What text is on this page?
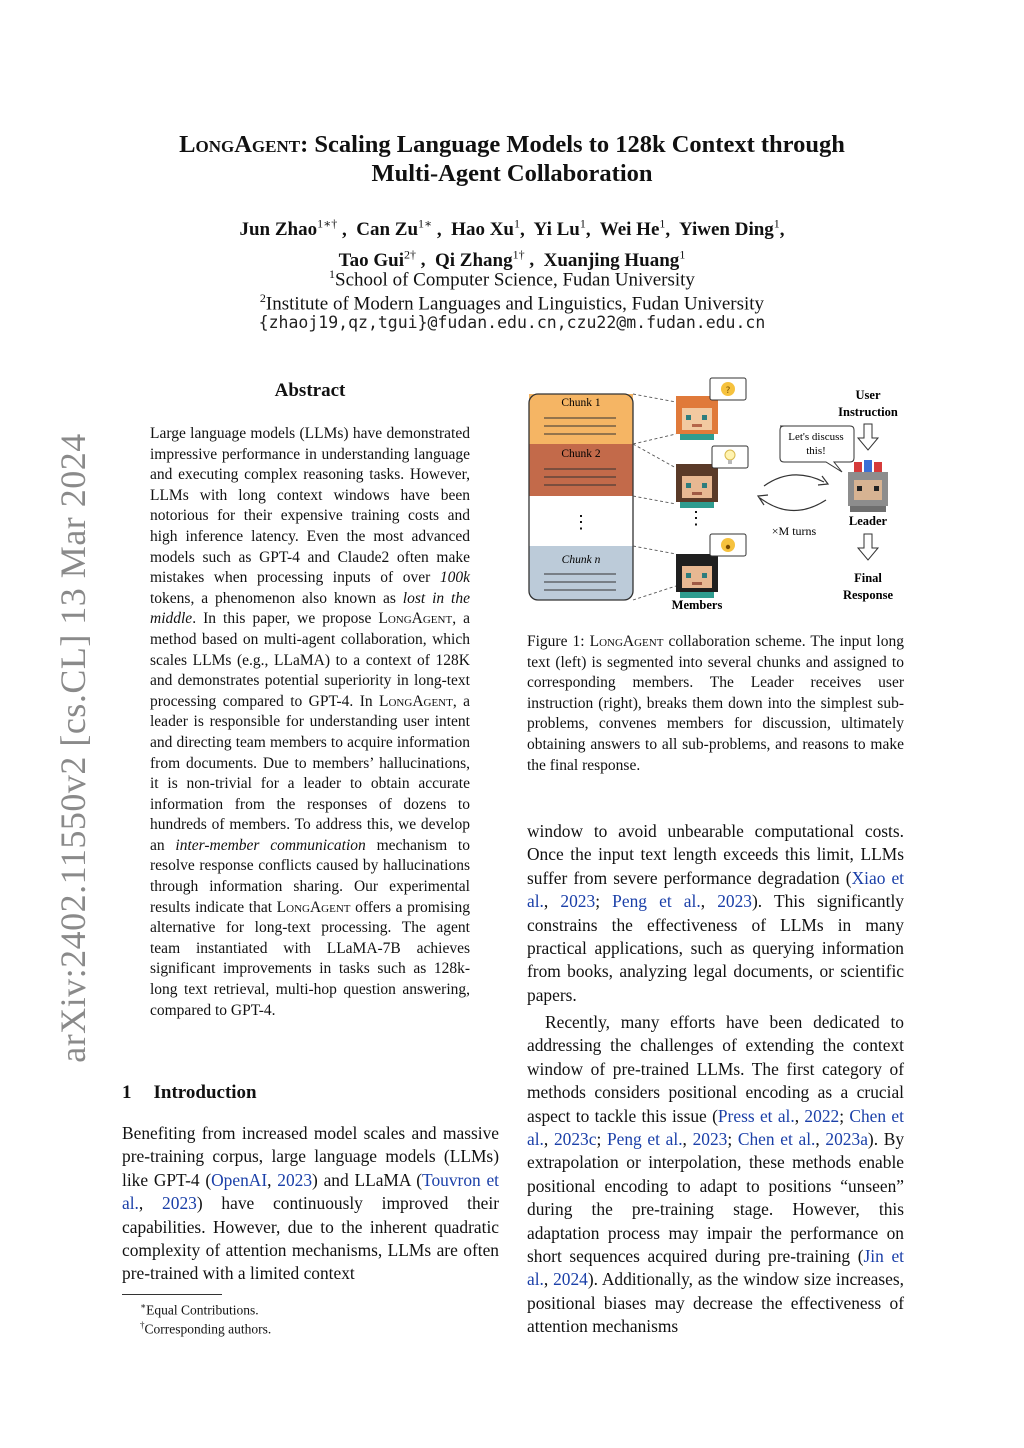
LongAgent: Scaling Language Models to 128k Context through
Multi-Agent Collaboration
Jun Zhao$^{1∗\dagger}$ ,  Can $Zu^{1∗}$ ,  Hao Xu$^1$,  Yi Lu$^1$,  Wei He$^1$,  Yiwen Ding$^1$,
Tao Gui$^{2\dagger}$ ,  Qi Zhang$^{1\dagger}$ ,  Xuanjing Huang$^1$
$^1$School of Computer Science, Fudan University
$^2$Institute of Modern Languages and Linguistics, Fudan University
{zhaoj19,qz,tgui}@fudan.edu.cn,czu22@m.fudan.edu.cn
arXiv:2402.11550v2 [cs.CL] 13 Mar 2024
Abstract
Large language models (LLMs) have demonstrated impressive performance in understanding language and executing complex reasoning tasks. However, LLMs with long context windows have been notorious for their expensive training costs and high inference latency. Even the most advanced models such as GPT-4 and Claude2 often make mistakes when processing inputs of over 100k tokens, a phenomenon also known as lost in the middle. In this paper, we propose LongAgent, a method based on multi-agent collaboration, which scales LLMs (e.g., LLaMA) to a context of 128K and demonstrates potential superiority in long-text processing compared to GPT-4. In LongAgent, a leader is responsible for understanding user intent and directing team members to acquire information from documents. Due to members’ hallucinations, it is non-trivial for a leader to obtain accurate information from the responses of dozens to hundreds of members. To address this, we develop an inter-member communication mechanism to resolve response conflicts caused by hallucinations through information sharing. Our experimental results indicate that LongAgent offers a promising alternative for long-text processing. The agent team instantiated with LLaMA-7B achieves significant improvements in tasks such as 128k-long text retrieval, multi-hop question answering, compared to GPT-4.
1 Introduction
Benefiting from increased model scales and massive pre-training corpus, large language models (LLMs) like GPT-4 (OpenAI, 2023) and LLaMA (Touvron et al., 2023) have continuously improved their capabilities. However, due to the inherent quadratic complexity of attention mechanisms, LLMs are often pre-trained with a limited context
window to avoid unbearable computational costs. Once the input text length exceeds this limit, LLMs suffer from severe performance degradation (Xiao et al., 2023; Peng et al., 2023). This significantly constrains the effectiveness of LLMs in many practical applications, such as querying information from books, analyzing legal documents, or scientific papers.
Recently, many efforts have been dedicated to addressing the challenges of extending the context window of pre-trained LLMs. The first category of methods considers positional encoding as a crucial aspect to tackle this issue (Press et al., 2022; Chen et al., 2023c; Peng et al., 2023; Chen et al., 2023a). By extrapolation or interpolation, these methods enable positional encoding to adapt to positions “unseen” during the pre-training stage. However, this adaptation process may impair the performance on short sequences acquired during pre-training (Jin et al., 2024). Additionally, as the window size increases, positional biases may decrease the effectiveness of attention mechanisms
∗Equal Contributions.
†Corresponding authors.
Chunk 1
Chunk 2
Chunk n
⋮
?
⋮
Members
Let's discuss
this!
×M turns
User Instruction
Leader
Final Response
Figure 1: LongAgent collaboration scheme. The input long text (left) is segmented into several chunks and assigned to corresponding members. The Leader receives user instruction (right), breaks them down into the simplest sub-problems, convenes members for discussion, ultimately obtaining answers to all sub-problems, and reasons to make the final response.
